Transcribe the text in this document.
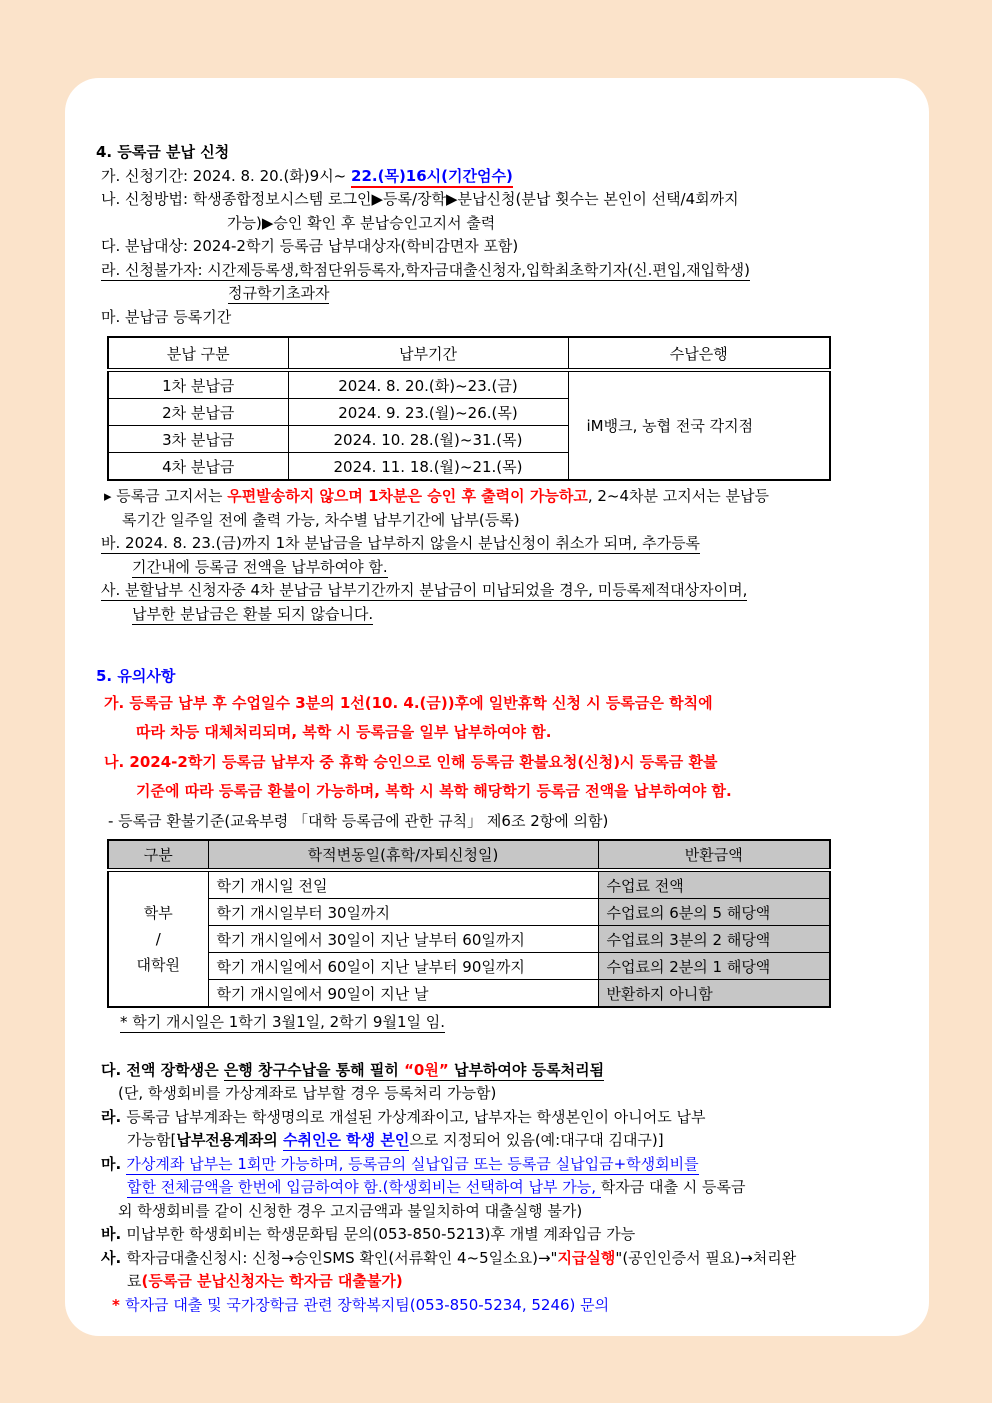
4. 등록금 분납 신청
가. 신청기간: 2024. 8. 20.(화)9시~ 22.(목)16시(기간엄수)
나. 신청방법: 학생종합정보시스템 로그인▶등록/장학▶분납신청(분납 횟수는 본인이 선택/4회까지
가능)▶승인 확인 후 분납승인고지서 출력
다. 분납대상: 2024-2학기 등록금 납부대상자(학비감면자 포함)
라. 신청불가자: 시간제등록생,학점단위등록자,학자금대출신청자,입학최초학기자(신.편입,재입학생)
정규학기초과자
마. 분납금 등록기간
분납 구분	납부기간	수납은행
1차 분납금	2024. 8. 20.(화)~23.(금)	iM뱅크, 농협 전국 각지점
2차 분납금	2024. 9. 23.(월)~26.(목)	
3차 분납금	2024. 10. 28.(월)~31.(목)	
4차 분납금	2024. 11. 18.(월)~21.(목)	
▸ 등록금 고지서는 우편발송하지 않으며 1차분은 승인 후 출력이 가능하고, 2~4차분 고지서는 분납등
록기간 일주일 전에 출력 가능, 차수별 납부기간에 납부(등록)
바. 2024. 8. 23.(금)까지 1차 분납금을 납부하지 않을시 분납신청이 취소가 되며, 추가등록
기간내에 등록금 전액을 납부하여야 함.
사. 분할납부 신청자중 4차 분납금 납부기간까지 분납금이 미납되었을 경우, 미등록제적대상자이며,
납부한 분납금은 환불 되지 않습니다.
5. 유의사항
가. 등록금 납부 후 수업일수 3분의 1선(10. 4.(금))후에 일반휴학 신청 시 등록금은 학칙에
따라 차등 대체처리되며, 복학 시 등록금을 일부 납부하여야 함.
나. 2024-2학기 등록금 납부자 중 휴학 승인으로 인해 등록금 환불요청(신청)시 등록금 환불
기준에 따라 등록금 환불이 가능하며, 복학 시 복학 해당학기 등록금 전액을 납부하여야 함.
- 등록금 환불기준(교육부령 「대학 등록금에 관한 규칙」 제6조 2항에 의함)
구분	학적변동일(휴학/자퇴신청일)	반환금액

학부
/
대학원	학기 개시일 전일	수업료 전액
	학기 개시일부터 30일까지	수업료의 6분의 5 해당액
	학기 개시일에서 30일이 지난 날부터 60일까지	수업료의 3분의 2 해당액
	학기 개시일에서 60일이 지난 날부터 90일까지	수업료의 2분의 1 해당액
	학기 개시일에서 90일이 지난 날	반환하지 아니함
* 학기 개시일은 1학기 3월1일, 2학기 9월1일 임.
다. 전액 장학생은 은행 창구수납을 통해 필히 “0원” 납부하여야 등록처리됨
(단, 학생회비를 가상계좌로 납부할 경우 등록처리 가능함)
라. 등록금 납부계좌는 학생명의로 개설된 가상계좌이고, 납부자는 학생본인이 아니어도 납부
가능함[납부전용계좌의 수취인은 학생 본인으로 지정되어 있음(예:대구대 김대구)]
마. 가상계좌 납부는 1회만 가능하며, 등록금의 실납입금 또는 등록금 실납입금+학생회비를
합한 전체금액을 한번에 입금하여야 함.(학생회비는 선택하여 납부 가능, 학자금 대출 시 등록금
외 학생회비를 같이 신청한 경우 고지금액과 불일치하여 대출실행 불가)
바. 미납부한 학생회비는 학생문화팀 문의(053-850-5213)후 개별 계좌입금 가능
사. 학자금대출신청시: 신청→승인SMS 확인(서류확인 4~5일소요)→"지급실행"(공인인증서 필요)→처리완
료(등록금 분납신청자는 학자금 대출불가)
* 학자금 대출 및 국가장학금 관련 장학복지팀(053-850-5234, 5246) 문의
